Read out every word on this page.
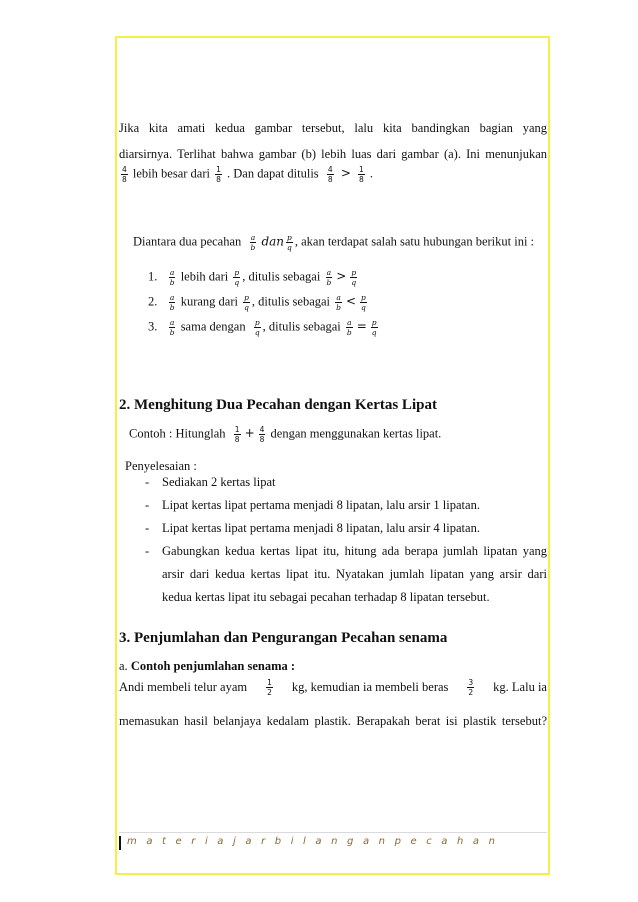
Jika kita amati kedua gambar tersebut, lalu kita bandingkan bagian yang
diarsirnya. Terlihat bahwa gambar (b) lebih luas dari gambar (a). Ini menunjukan
$\frac{4}{8}$ lebih besar dari $\frac{1}{8}$ . Dan dapat ditulis $\frac{4}{8} > \frac{1}{8}$ .
Diantara dua pecahan $\frac{a}{b}$ dan $\frac{p}{q}$ , akan terdapat salah satu hubungan berikut ini :
1. $\frac{a}{b}$ lebih dari $\frac{p}{q}$ , ditulis sebagai $\frac{a}{b} > \frac{p}{q}$
2. $\frac{a}{b}$ kurang dari $\frac{p}{q}$ , ditulis sebagai $\frac{a}{b} < \frac{p}{q}$
3. $\frac{a}{b}$ sama dengan $\frac{p}{q}$ , ditulis sebagai $\frac{a}{b} = \frac{p}{q}$
2. Menghitung Dua Pecahan dengan Kertas Lipat
Contoh : Hitunglah $\frac{1}{8} + \frac{4}{8}$ dengan menggunakan kertas lipat.
Penyelesaian :
- Sediakan 2 kertas lipat
- Lipat kertas lipat pertama menjadi 8 lipatan, lalu arsir 1 lipatan.
- Lipat kertas lipat pertama menjadi 8 lipatan, lalu arsir 4 lipatan.
- Gabungkan kedua kertas lipat itu, hitung ada berapa jumlah lipatan yang
arsir dari kedua kertas lipat itu. Nyatakan jumlah lipatan yang arsir dari
kedua kertas lipat itu sebagai pecahan terhadap 8 lipatan tersebut.
3. Penjumlahan dan Pengurangan Pecahan senama
a. Contoh penjumlahan senama :
Andi membeli telur ayam	$\frac{1}{2}$ kg, kemudian ia membeli beras	$\frac{3}{2}$ kg. Lalu ia
memasukan hasil belanjaya kedalam plastik. Berapakah berat isi plastik tersebut?
m a t e r i a j a r b i l a n g a n p e c a h a n
